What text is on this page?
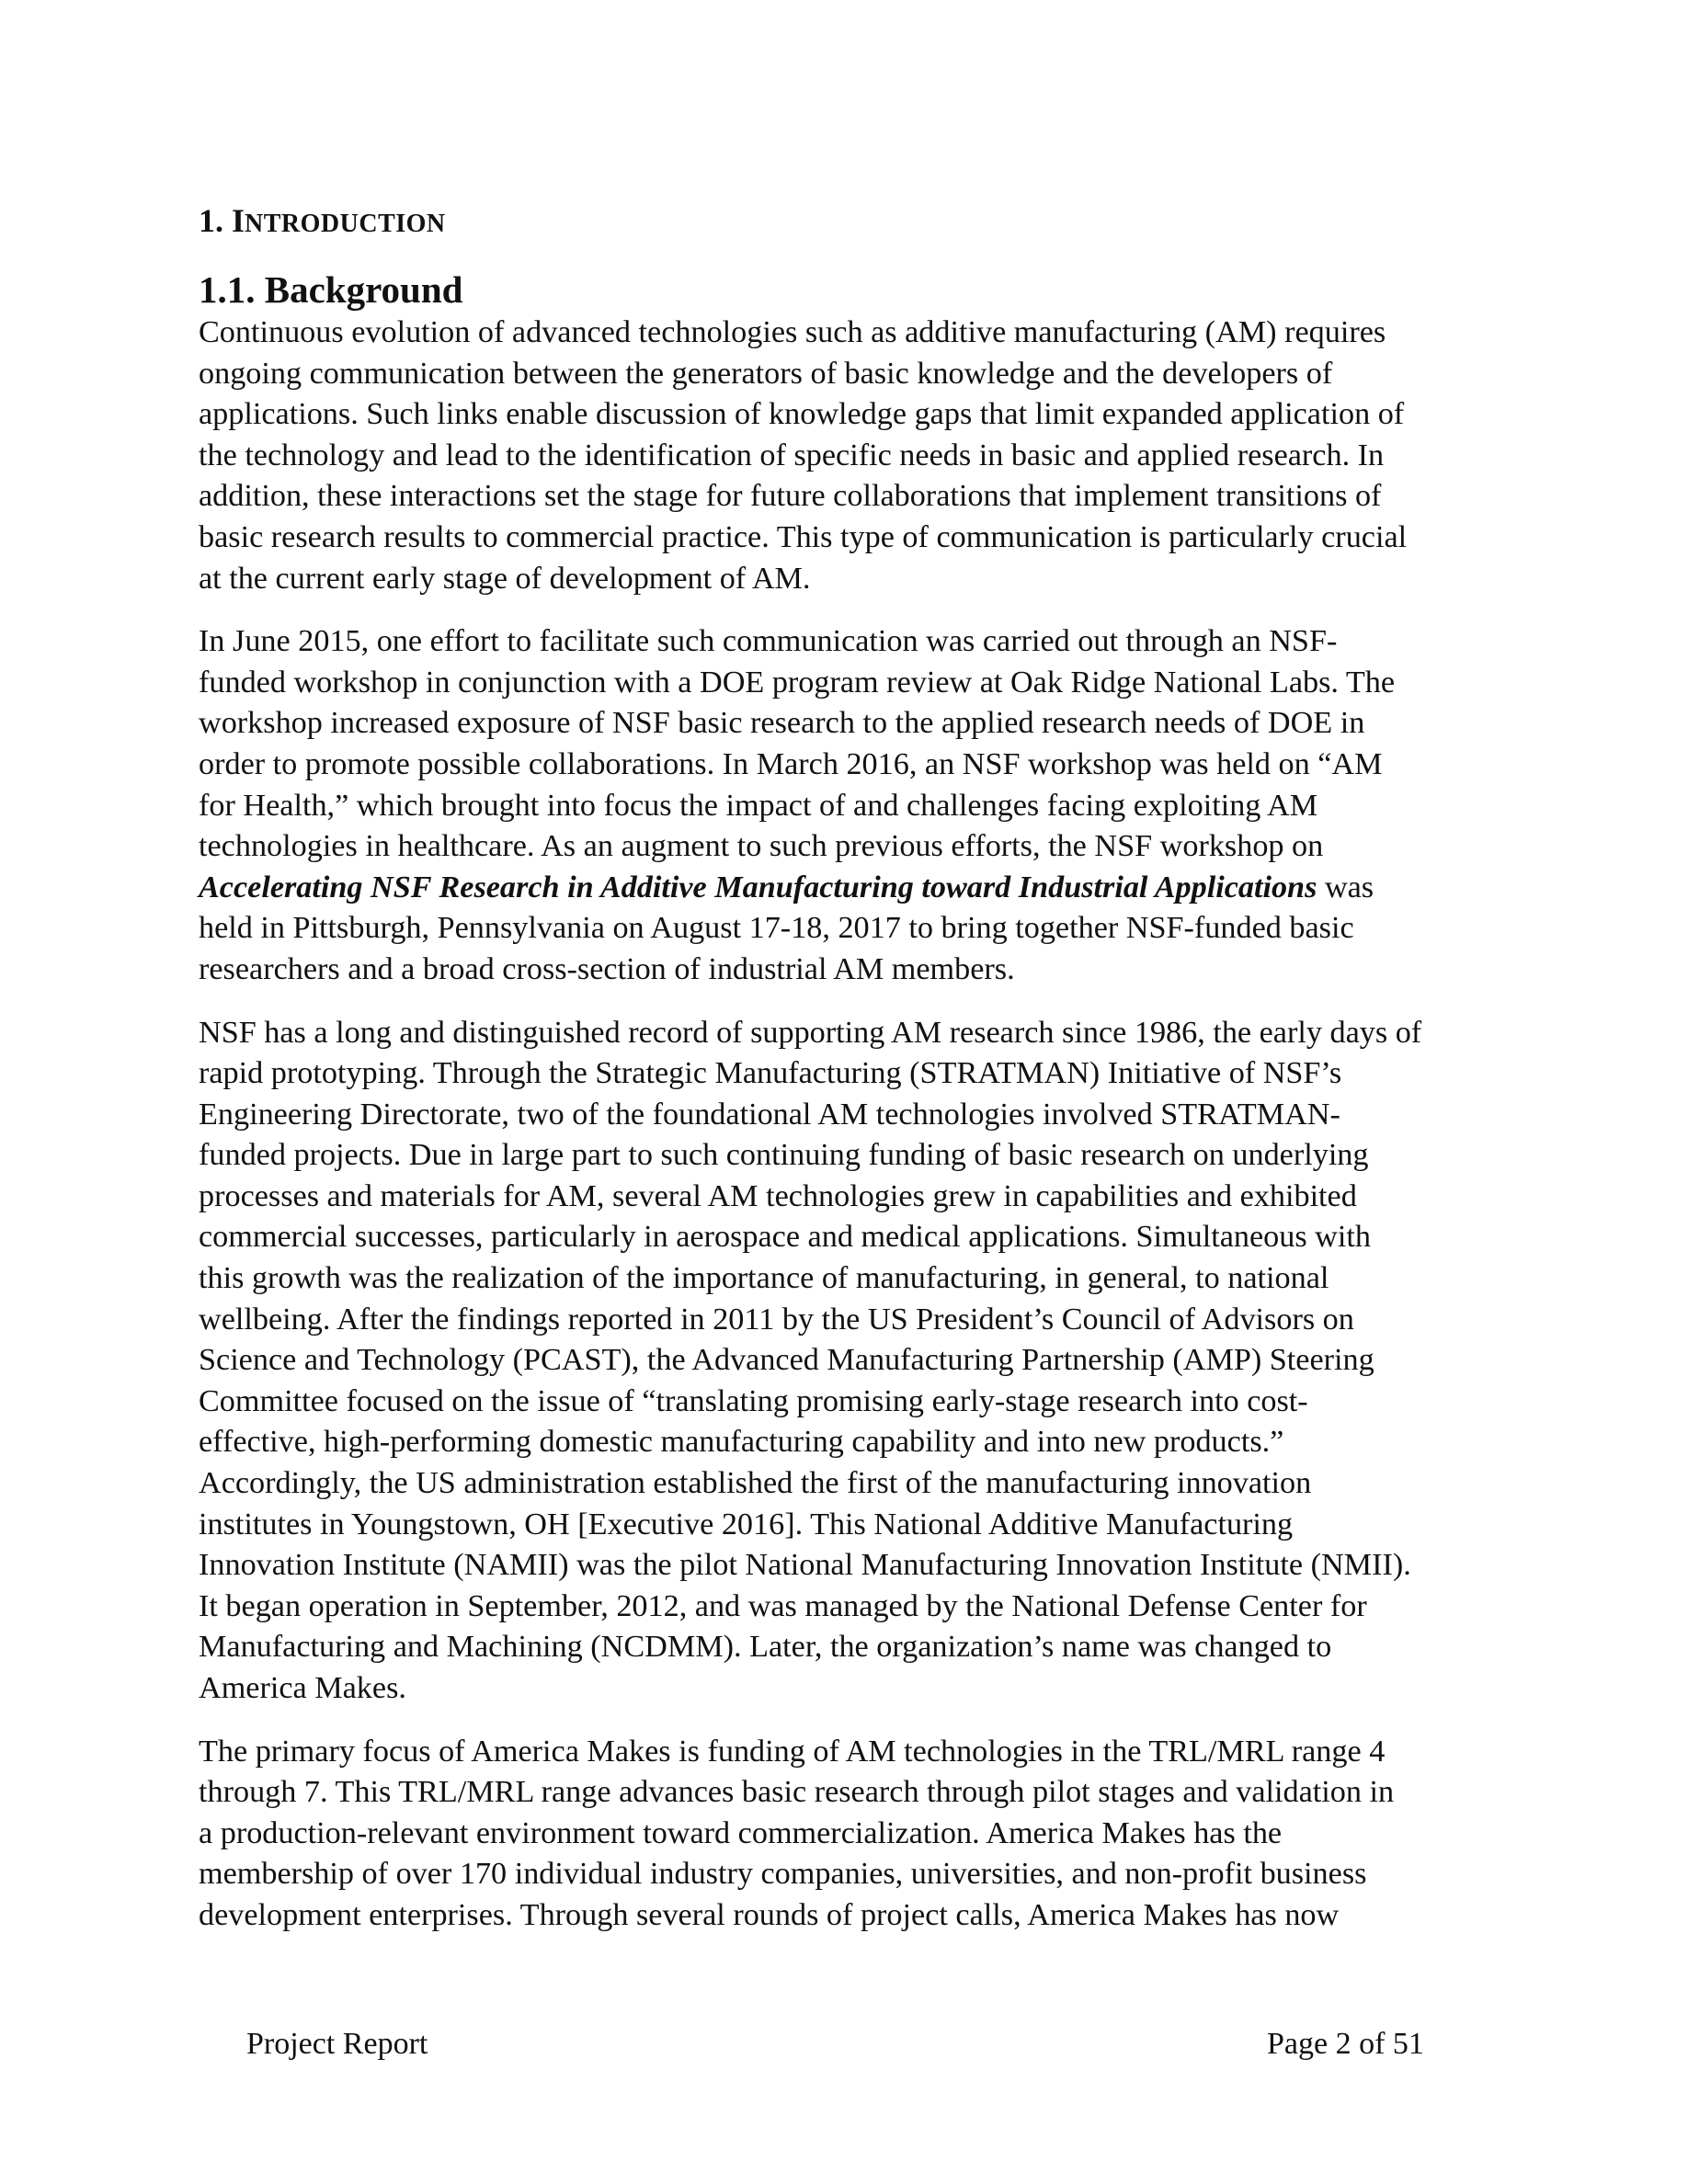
1. INTRODUCTION
1.1. Background
Continuous evolution of advanced technologies such as additive manufacturing (AM) requires
ongoing communication between the generators of basic knowledge and the developers of
applications. Such links enable discussion of knowledge gaps that limit expanded application of
the technology and lead to the identification of specific needs in basic and applied research. In
addition, these interactions set the stage for future collaborations that implement transitions of
basic research results to commercial practice. This type of communication is particularly crucial
at the current early stage of development of AM.
In June 2015, one effort to facilitate such communication was carried out through an NSF-
funded workshop in conjunction with a DOE program review at Oak Ridge National Labs. The
workshop increased exposure of NSF basic research to the applied research needs of DOE in
order to promote possible collaborations. In March 2016, an NSF workshop was held on “AM
for Health,” which brought into focus the impact of and challenges facing exploiting AM
technologies in healthcare. As an augment to such previous efforts, the NSF workshop on
Accelerating NSF Research in Additive Manufacturing toward Industrial Applications was
held in Pittsburgh, Pennsylvania on August 17-18, 2017 to bring together NSF-funded basic
researchers and a broad cross-section of industrial AM members.
NSF has a long and distinguished record of supporting AM research since 1986, the early days of
rapid prototyping. Through the Strategic Manufacturing (STRATMAN) Initiative of NSF’s
Engineering Directorate, two of the foundational AM technologies involved STRATMAN-
funded projects. Due in large part to such continuing funding of basic research on underlying
processes and materials for AM, several AM technologies grew in capabilities and exhibited
commercial successes, particularly in aerospace and medical applications. Simultaneous with
this growth was the realization of the importance of manufacturing, in general, to national
wellbeing. After the findings reported in 2011 by the US President’s Council of Advisors on
Science and Technology (PCAST), the Advanced Manufacturing Partnership (AMP) Steering
Committee focused on the issue of “translating promising early-stage research into cost-
effective, high-performing domestic manufacturing capability and into new products.”
Accordingly, the US administration established the first of the manufacturing innovation
institutes in Youngstown, OH [Executive 2016]. This National Additive Manufacturing
Innovation Institute (NAMII) was the pilot National Manufacturing Innovation Institute (NMII).
It began operation in September, 2012, and was managed by the National Defense Center for
Manufacturing and Machining (NCDMM). Later, the organization’s name was changed to
America Makes.
The primary focus of America Makes is funding of AM technologies in the TRL/MRL range 4
through 7. This TRL/MRL range advances basic research through pilot stages and validation in
a production-relevant environment toward commercialization. America Makes has the
membership of over 170 individual industry companies, universities, and non-profit business
development enterprises. Through several rounds of project calls, America Makes has now
Project Report	Page 2 of 51
